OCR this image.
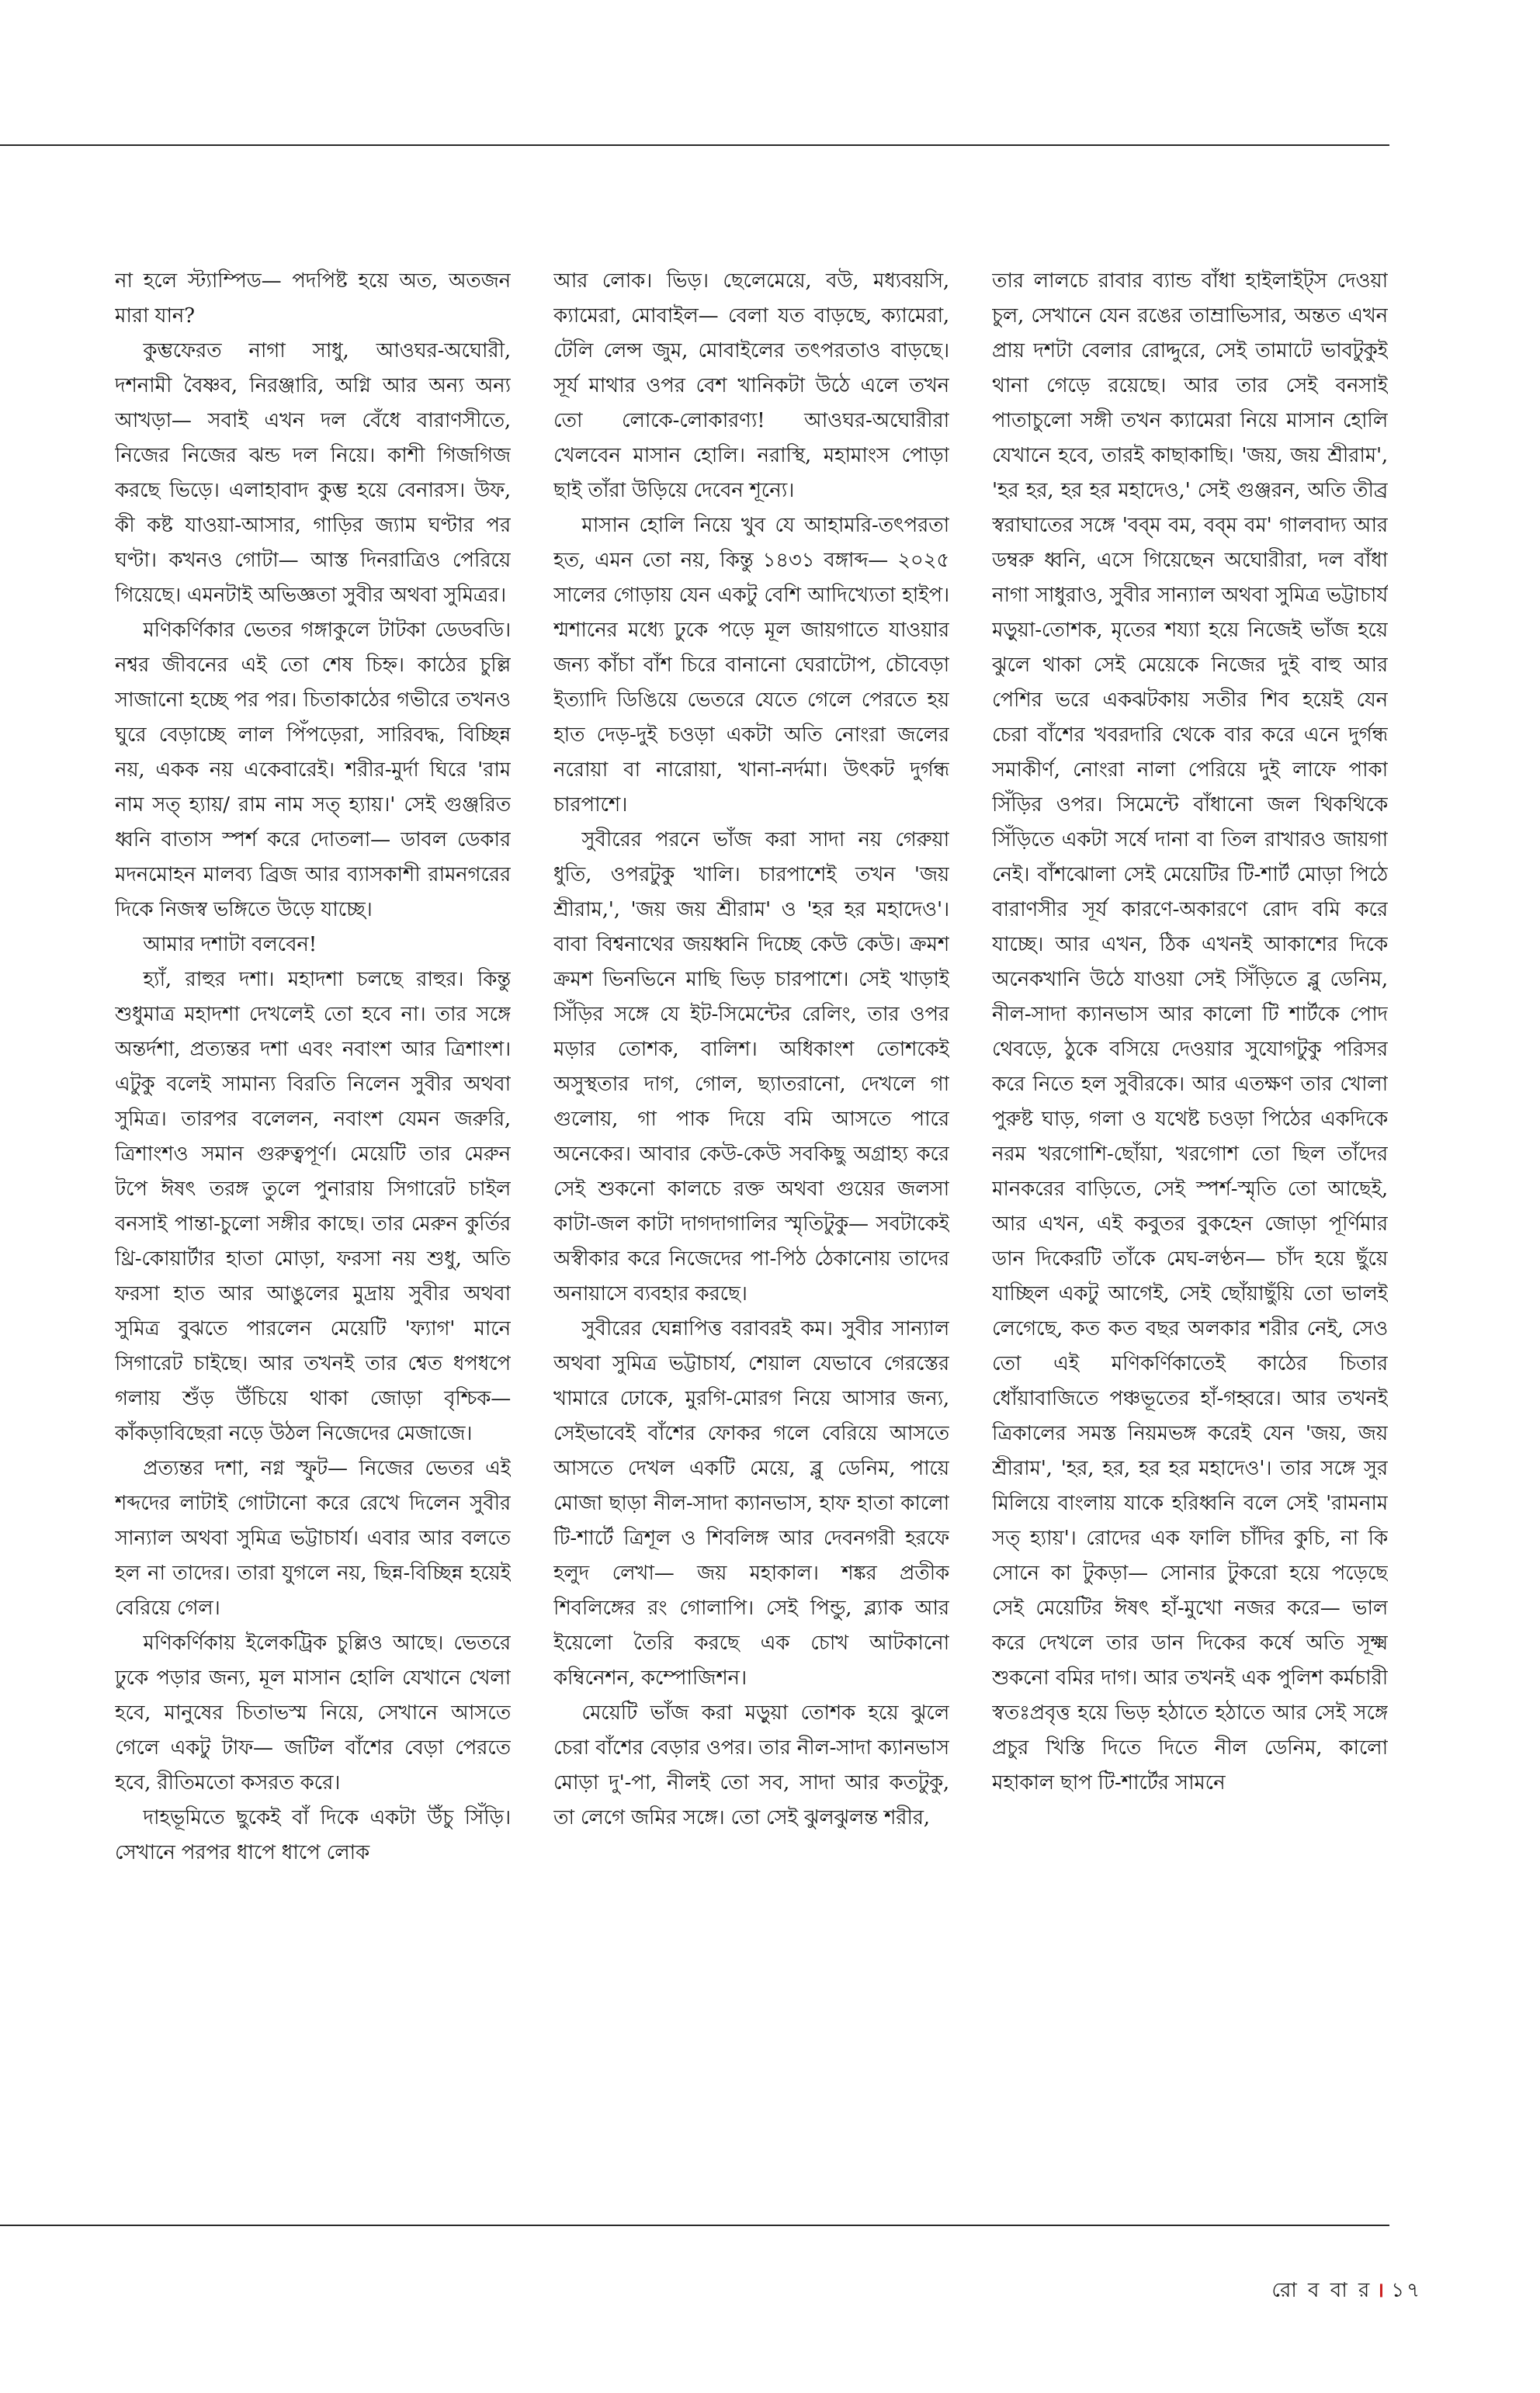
না হলে স্ট্যাম্পিড— পদপিষ্ট হয়ে অত, অতজন মারা যান?

কুম্ভফেরত নাগা সাধু, আওঘর-অঘোরী, দশনামী বৈষ্ণব, নিরঞ্জারি, অগ্নি আর অন্য অন্য আখড়া— সবাই এখন দল বেঁধে বারাণসীতে, নিজের নিজের ঝন্ড দল নিয়ে। কাশী গিজগিজ করছে ভিড়ে। এলাহাবাদ কুম্ভ হয়ে বেনারস। উফ, কী কষ্ট যাওয়া-আসার, গাড়ির জ্যাম ঘণ্টার পর ঘণ্টা। কখনও গোটা— আস্ত দিনরাত্রিও পেরিয়ে গিয়েছে। এমনটাই অভিজ্ঞতা সুবীর অথবা সুমিত্রর।

মণিকর্ণিকার ভেতর গঙ্গাকুলে টাটকা ডেডবডি। নশ্বর জীবনের এই তো শেষ চিহ্ন। কাঠের চুল্লি সাজানো হচ্ছে পর পর। চিতাকাঠের গভীরে তখনও ঘুরে বেড়াচ্ছে লাল পিঁপড়েরা, সারিবদ্ধ, বিচ্ছিন্ন নয়, একক নয় একেবারেই। শরীর-মুর্দা ঘিরে 'রাম নাম সত্ হ্যায়/ রাম নাম সত্ হ্যায়।' সেই গুঞ্জরিত ধ্বনি বাতাস স্পর্শ করে দোতলা— ডাবল ডেকার মদনমোহন মালব্য ব্রিজ আর ব্যাসকাশী রামনগরের দিকে নিজস্ব ভঙ্গিতে উড়ে যাচ্ছে।

আমার দশাটা বলবেন!

হ্যাঁ, রাহুর দশা। মহাদশা চলছে রাহুর। কিন্তু শুধুমাত্র মহাদশা দেখলেই তো হবে না। তার সঙ্গে অন্তর্দশা, প্রত্যন্তর দশা এবং নবাংশ আর ত্রিশাংশ। এটুকু বলেই সামান্য বিরতি নিলেন সুবীর অথবা সুমিত্র। তারপর বলেলন, নবাংশ যেমন জরুরি, ত্রিশাংশও সমান গুরুত্বপূর্ণ। মেয়েটি তার মেরুন টপে ঈষৎ তরঙ্গ তুলে পুনারায় সিগারেট চাইল বনসাই পান্তা-চুলো সঙ্গীর কাছে। তার মেরুন কুর্তির থ্রি-কোয়ার্টার হাতা মোড়া, ফরসা নয় শুধু, অতি ফরসা হাত আর আঙুলের মুদ্রায় সুবীর অথবা সুমিত্র বুঝতে পারলেন মেয়েটি 'ফ্যাগ' মানে সিগারেট চাইছে। আর তখনই তার শ্বেত ধপধপে গলায় শুঁড় উঁচিয়ে থাকা জোড়া বৃশ্চিক— কাঁকড়াবিছেরা নড়ে উঠল নিজেদের মেজাজে।

প্রত্যন্তর দশা, নগ্ন স্ফুট— নিজের ভেতর এই শব্দদের লাটাই গোটানো করে রেখে দিলেন সুবীর সান্যাল অথবা সুমিত্র ভট্টাচার্য। এবার আর বলতে হল না তাদের। তারা যুগলে নয়, ছিন্ন-বিচ্ছিন্ন হয়েই বেরিয়ে গেল।

মণিকর্ণিকায় ইলেকট্রিক চুল্লিও আছে। ভেতরে ঢুকে পড়ার জন্য, মূল মাসান হোলি যেখানে খেলা হবে, মানুষের চিতাভস্ম নিয়ে, সেখানে আসতে গেলে একটু টাফ— জটিল বাঁশের বেড়া পেরতে হবে, রীতিমতো কসরত করে।

দাহভূমিতে ছুকেই বাঁ দিকে একটা উঁচু সিঁড়ি। সেখানে পরপর ধাপে ধাপে লোক

আর লোক। ভিড়। ছেলেমেয়ে, বউ, মধ্যবয়সি, ক্যামেরা, মোবাইল— বেলা যত বাড়ছে, ক্যামেরা, টেলি লেন্স জুম, মোবাইলের তৎপরতাও বাড়ছে। সূর্য মাথার ওপর বেশ খানিকটা উঠে এলে তখন তো লোকে-লোকারণ্য! আওঘর-অঘোরীরা খেলবেন মাসান হোলি। নরাস্থি, মহামাংস পোড়া ছাই তাঁরা উড়িয়ে দেবেন শূন্যে।

মাসান হোলি নিয়ে খুব যে আহামরি-তৎপরতা হত, এমন তো নয়, কিন্তু ১৪৩১ বঙ্গাব্দ— ২০২৫ সালের গোড়ায় যেন একটু বেশি আদিখ্যেতা হাইপ। শ্মশানের মধ্যে ঢুকে পড়ে মূল জায়গাতে যাওয়ার জন্য কাঁচা বাঁশ চিরে বানানো ঘেরাটোপ, চৌবেড়া ইত্যাদি ডিঙিয়ে ভেতরে যেতে গেলে পেরতে হয় হাত দেড়-দুই চওড়া একটা অতি নোংরা জলের নরোয়া বা নারোয়া, খানা-নর্দমা। উৎকট দুর্গন্ধ চারপাশে।

সুবীরের পরনে ভাঁজ করা সাদা নয় গেরুয়া ধুতি, ওপরটুকু খালি। চারপাশেই তখন 'জয় শ্রীরাম,', 'জয় জয় শ্রীরাম' ও 'হর হর মহাদেও'। বাবা বিশ্বনাথের জয়ধ্বনি দিচ্ছে কেউ কেউ। ক্রমশ ক্রমশ ভিনভিনে মাছি ভিড় চারপাশে। সেই খাড়াই সিঁড়ির সঙ্গে যে ইট-সিমেন্টের রেলিং, তার ওপর মড়ার তোশক, বালিশ। অধিকাংশ তোশকেই অসুস্থতার দাগ, গোল, ছ্যাতরানো, দেখলে গা গুলোয়, গা পাক দিয়ে বমি আসতে পারে অনেকের। আবার কেউ-কেউ সবকিছু অগ্রাহ্য করে সেই শুকনো কালচে রক্ত অথবা গুয়ের জলসা কাটা-জল কাটা দাগদাগালির স্মৃতিটুকু— সবটাকেই অস্বীকার করে নিজেদের পা-পিঠ ঠেকানোয় তাদের অনায়াসে ব্যবহার করছে।

সুবীরের ঘেন্নাপিত্ত বরাবরই কম। সুবীর সান্যাল অথবা সুমিত্র ভট্টাচার্য, শেয়াল যেভাবে গেরস্তের খামারে ঢোকে, মুরগি-মোরগ নিয়ে আসার জন্য, সেইভাবেই বাঁশের ফোকর গলে বেরিয়ে আসতে আসতে দেখল একটি মেয়ে, ব্লু ডেনিম, পায়ে মোজা ছাড়া নীল-সাদা ক্যানভাস, হাফ হাতা কালো টি-শার্টে ত্রিশূল ও শিবলিঙ্গ আর দেবনগরী হরফে হলুদ লেখা— জয় মহাকাল। শঙ্কর প্রতীক শিবলিঙ্গের রং গোলাপি। সেই পিন্ডু, ব্ল্যাক আর ইয়েলো তৈরি করছে এক চোখ আটকানো কম্বিনেশন, কম্পোজিশন।

মেয়েটি ভাঁজ করা মড়ুয়া তোশক হয়ে ঝুলে চেরা বাঁশের বেড়ার ওপর। তার নীল-সাদা ক্যানভাস মোড়া দু'-পা, নীলই তো সব, সাদা আর কতটুকু, তা লেগে জমির সঙ্গে। তো সেই ঝুলঝুলন্ত শরীর,

তার লালচে রাবার ব্যান্ড বাঁধা হাইলাইট্স দেওয়া চুল, সেখানে যেন রঙের তাম্রাভিসার, অন্তত এখন প্রায় দশটা বেলার রোদ্দুরে, সেই তামাটে ভাবটুকুই থানা গেড়ে রয়েছে। আর তার সেই বনসাই পাতাচুলো সঙ্গী তখন ক্যামেরা নিয়ে মাসান হোলি যেখানে হবে, তারই কাছাকাছি। 'জয়, জয় শ্রীরাম', 'হর হর, হর হর মহাদেও,' সেই গুঞ্জরন, অতি তীব্র স্বরাঘাতের সঙ্গে 'বব্‌ম বম, বব্‌ম বম' গালবাদ্য আর ডম্বরু ধ্বনি, এসে গিয়েছেন অঘোরীরা, দল বাঁধা নাগা সাধুরাও, সুবীর সান্যাল অথবা সুমিত্র ভট্টাচার্য মড়ুয়া-তোশক, মৃতের শয্যা হয়ে নিজেই ভাঁজ হয়ে ঝুলে থাকা সেই মেয়েকে নিজের দুই বাহু আর পেশির ভরে একঝটকায় সতীর শিব হয়েই যেন চেরা বাঁশের খবরদারি থেকে বার করে এনে দুর্গন্ধ সমাকীর্ণ, নোংরা নালা পেরিয়ে দুই লাফে পাকা সিঁড়ির ওপর। সিমেন্টে বাঁধানো জল থিকথিকে সিঁড়িতে একটা সর্ষে দানা বা তিল রাখারও জায়গা নেই। বাঁশঝোলা সেই মেয়েটির টি-শার্ট মোড়া পিঠে বারাণসীর সূর্য কারণে-অকারণে রোদ বমি করে যাচ্ছে। আর এখন, ঠিক এখনই আকাশের দিকে অনেকখানি উঠে যাওয়া সেই সিঁড়িতে ব্লু ডেনিম, নীল-সাদা ক্যানভাস আর কালো টি শার্টকে পোদ থেবড়ে, ঠুকে বসিয়ে দেওয়ার সুযোগটুকু পরিসর করে নিতে হল সুবীরকে। আর এতক্ষণ তার খোলা পুরুষ্ট ঘাড়, গলা ও যথেষ্ট চওড়া পিঠের একদিকে নরম খরগোশি-ছোঁয়া, খরগোশ তো ছিল তাঁদের মানকরের বাড়িতে, সেই স্পর্শ-স্মৃতি তো আছেই, আর এখন, এই কবুতর বুকহেন জোড়া পূর্ণিমার ডান দিকেরটি তাঁকে মেঘ-লণ্ঠন— চাঁদ হয়ে ছুঁয়ে যাচ্ছিল একটু আগেই, সেই ছোঁয়াছুঁয়ি তো ভালই লেগেছে, কত কত বছর অলকার শরীর নেই, সেও তো এই মণিকর্ণিকাতেই কাঠের চিতার ধোঁয়াবাজিতে পঞ্চভূতের হাঁ-গহ্বরে। আর তখনই ত্রিকালের সমস্ত নিয়মভঙ্গ করেই যেন 'জয়, জয় শ্রীরাম', 'হর, হর, হর হর মহাদেও'। তার সঙ্গে সুর মিলিয়ে বাংলায় যাকে হরিধ্বনি বলে সেই 'রামনাম সত্ হ্যায়'। রোদের এক ফালি চাঁদির কুচি, না কি সোনে কা টুকড়া— সোনার টুকরো হয়ে পড়েছে সেই মেয়েটির ঈষৎ হাঁ-মুখো নজর করে— ভাল করে দেখলে তার ডান দিকের কর্ষে অতি সূক্ষ্ম শুকনো বমির দাগ। আর তখনই এক পুলিশ কর্মচারী স্বতঃপ্রবৃত্ত হয়ে ভিড় হঠাতে হঠাতে আর সেই সঙ্গে প্রচুর খিস্তি দিতে দিতে নীল ডেনিম, কালো মহাকাল ছাপ টি-শার্টের সামনে

রো ব বা র । ১৭
